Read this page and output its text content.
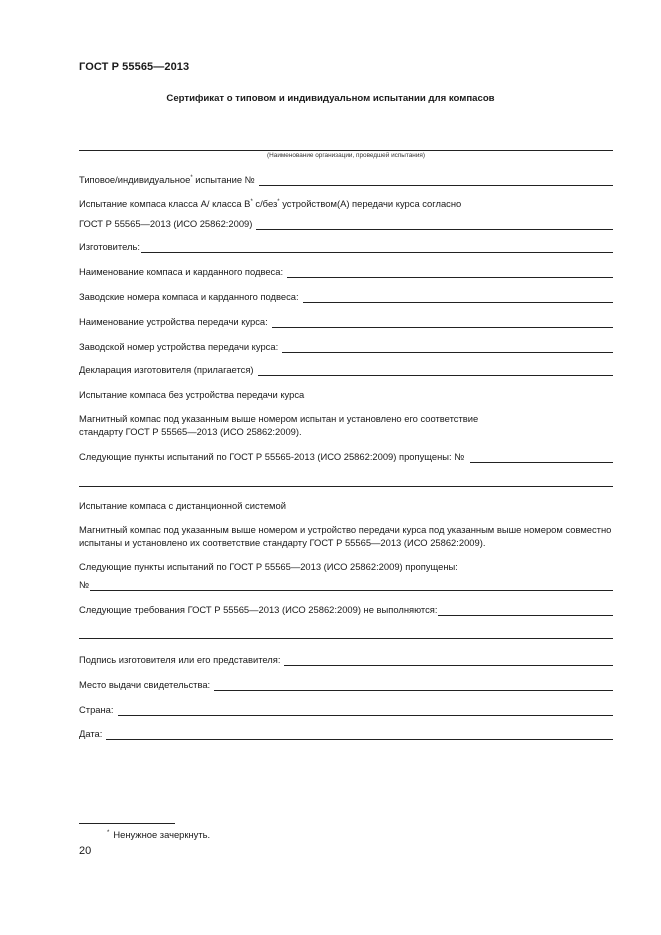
ГОСТ Р 55565—2013
Сертификат о типовом и индивидуальном испытании для компасов
(Наименование организации, проведшей испытания)
Типовое/индивидуальное* испытание №
Испытание компаса класса А/ класса В* с/без* устройством(А) передачи курса согласно
ГОСТ Р 55565—2013 (ИСО 25862:2009)
Изготовитель:
Наименование компаса и карданного подвеса:
Заводские номера компаса и карданного подвеса:
Наименование устройства передачи курса:
Заводской номер устройства передачи курса:
Декларация изготовителя (прилагается)
Испытание компаса без устройства передачи курса
Магнитный компас под указанным выше номером испытан и установлено его соответствие стандарту ГОСТ Р 55565—2013 (ИСО 25862:2009).
Следующие пункты испытаний по ГОСТ Р 55565-2013 (ИСО 25862:2009) пропущены: №
Испытание компаса с дистанционной системой
Магнитный компас под указанным выше номером и устройство передачи курса под указанным выше номером совместно испытаны и установлено их соответствие стандарту ГОСТ Р 55565—2013 (ИСО 25862:2009).
Следующие пункты испытаний по ГОСТ Р 55565—2013 (ИСО 25862:2009) пропущены:
№
Следующие требования ГОСТ Р 55565—2013 (ИСО 25862:2009) не выполняются:
Подпись изготовителя или его представителя:
Место выдачи свидетельства:
Страна:
Дата:
* Ненужное зачеркнуть.
20
